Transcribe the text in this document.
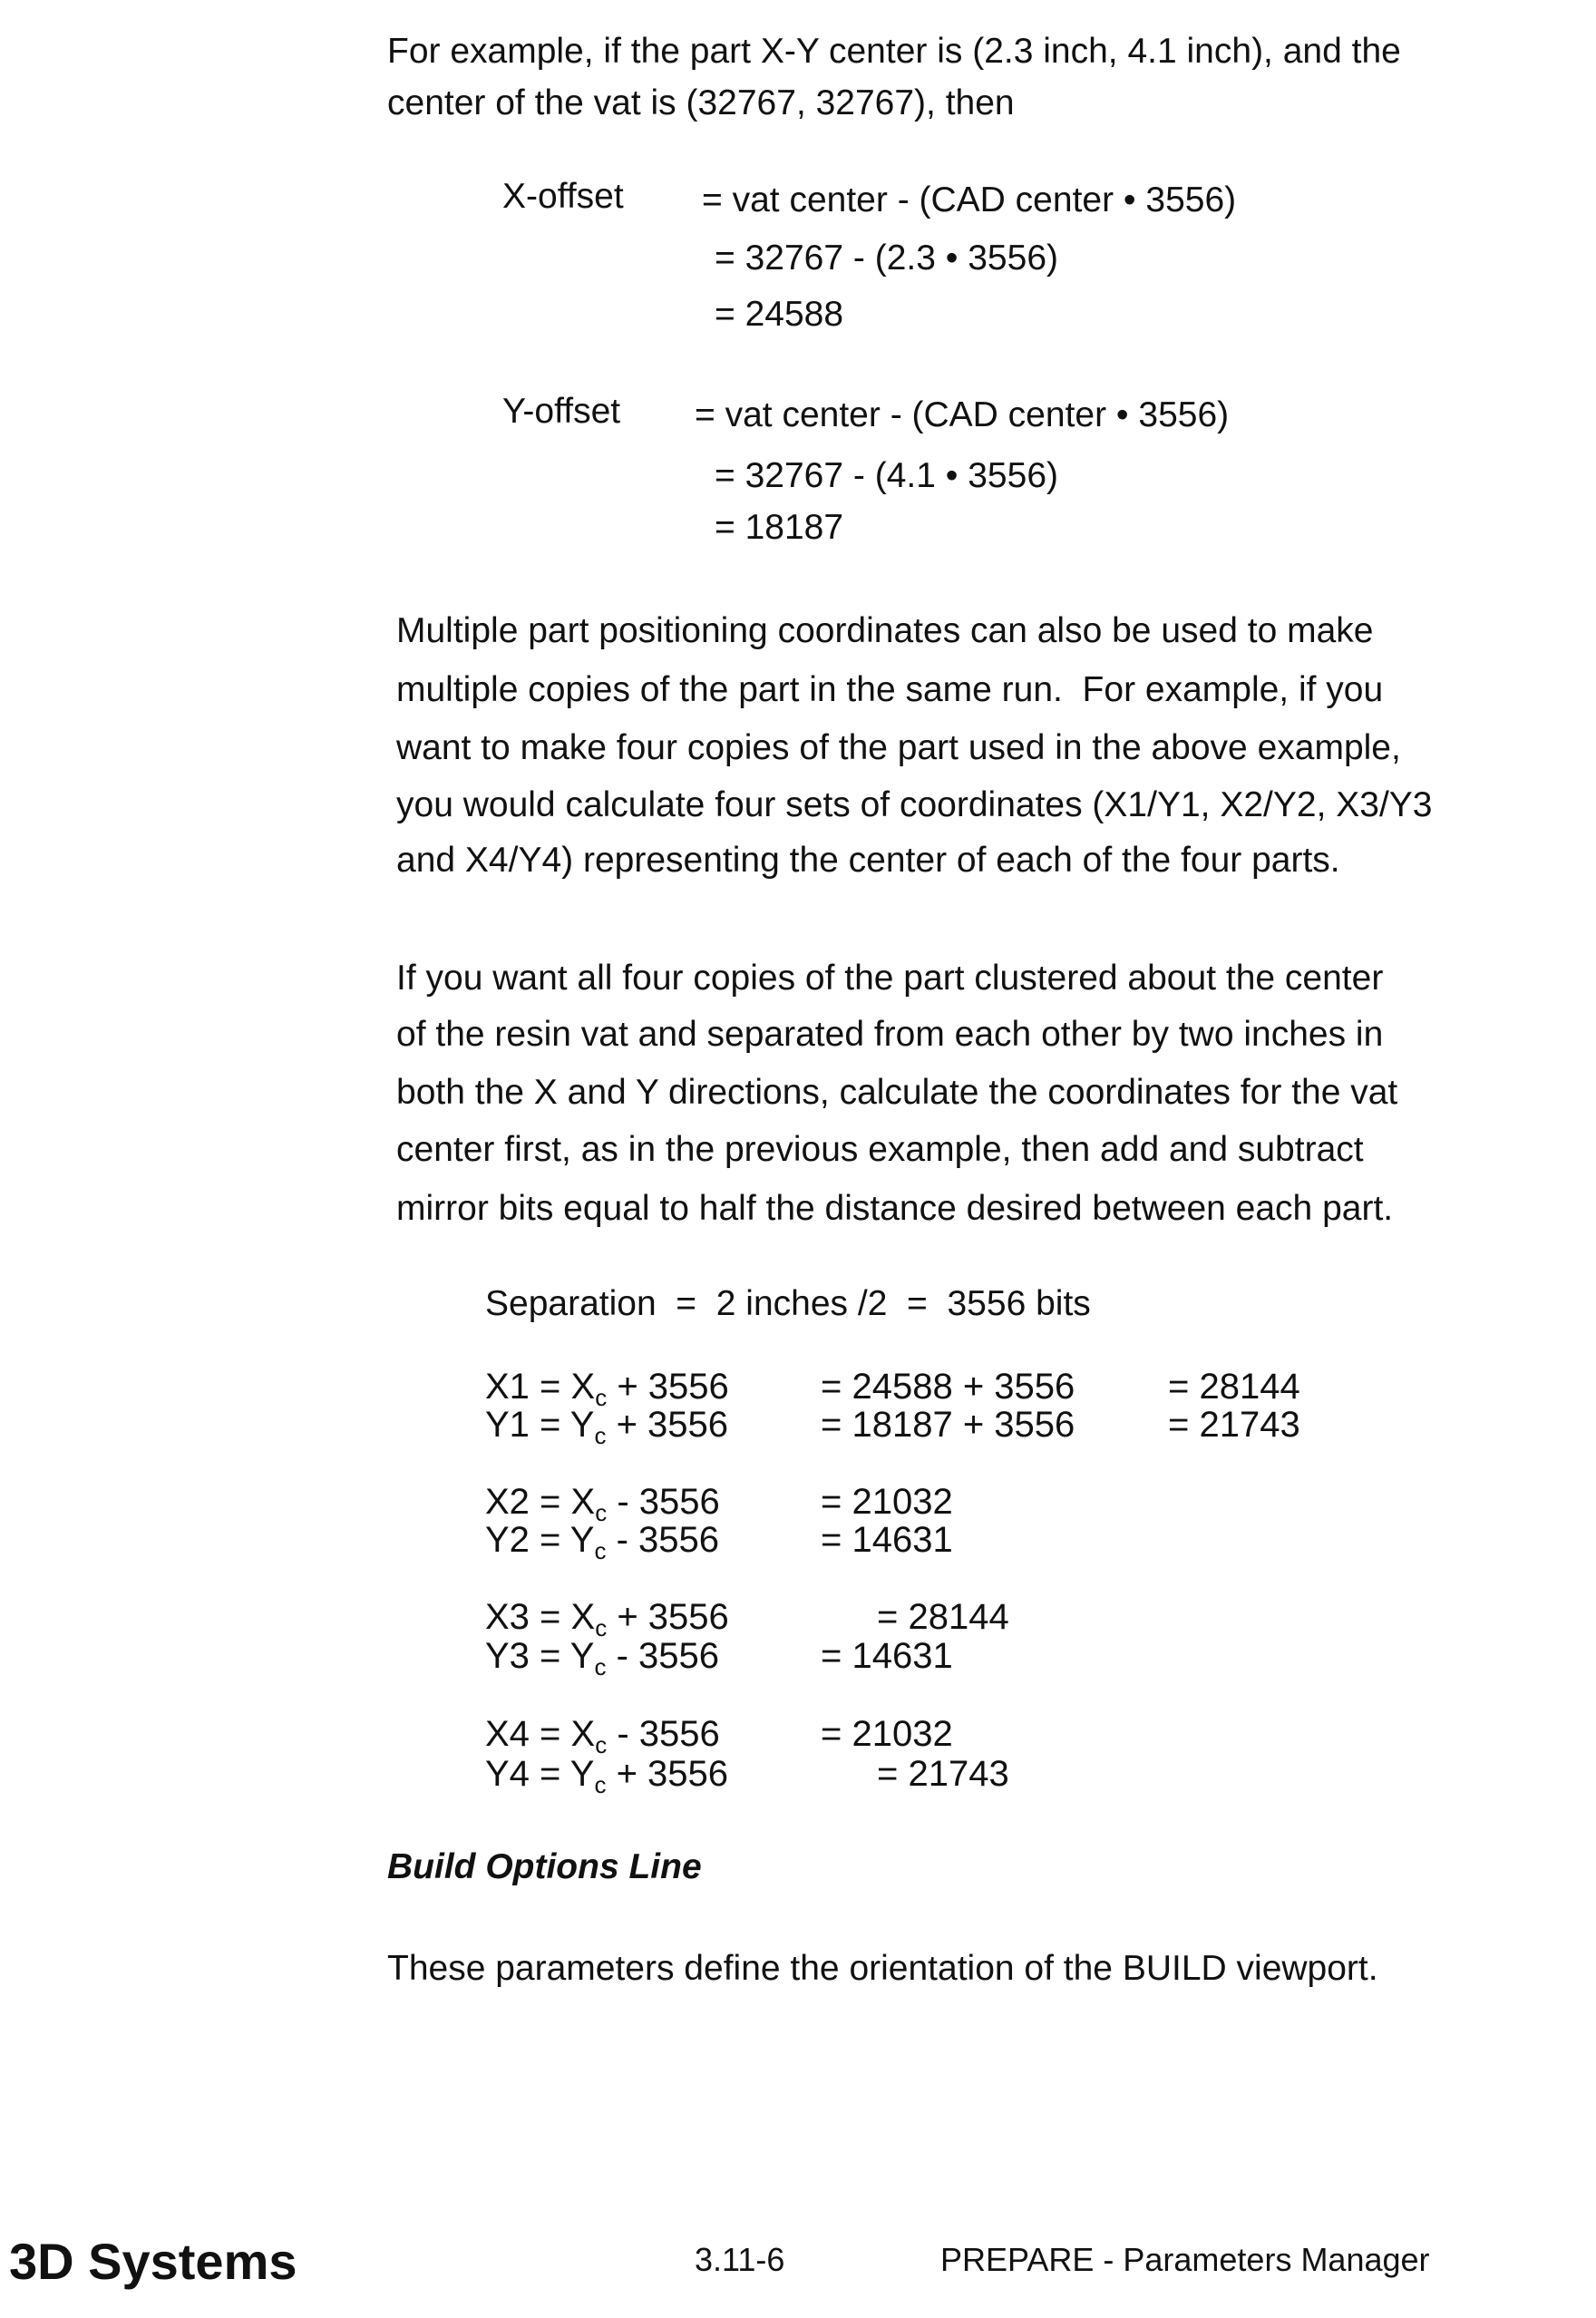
For example, if the part X-Y center is (2.3 inch, 4.1 inch), and the
center of the vat is (32767, 32767), then
X-offset = vat center - (CAD center • 3556)
= 32767 - (2.3 • 3556)
= 24588
Y-offset = vat center - (CAD center • 3556)
= 32767 - (4.1 • 3556)
= 18187
Multiple part positioning coordinates can also be used to make
multiple copies of the part in the same run.  For example, if you
want to make four copies of the part used in the above example,
you would calculate four sets of coordinates (X1/Y1, X2/Y2, X3/Y3
and X4/Y4) representing the center of each of the four parts.
If you want all four copies of the part clustered about the center
of the resin vat and separated from each other by two inches in
both the X and Y directions, calculate the coordinates for the vat
center first, as in the previous example, then add and subtract
mirror bits equal to half the distance desired between each part.
Separation  =  2 inches /2  =  3556 bits
X1 = Xc + 3556	= 24588 + 3556	= 28144
Y1 = Yc + 3556	= 18187 + 3556	= 21743
X2 = Xc - 3556	= 21032
Y2 = Yc - 3556	= 14631
X3 = Xc + 3556	= 28144
Y3 = Yc - 3556	= 14631
X4 = Xc - 3556	= 21032
Y4 = Yc + 3556	= 21743
Build Options Line
These parameters define the orientation of the BUILD viewport.
3D Systems	3.11-6	PREPARE - Parameters Manager
